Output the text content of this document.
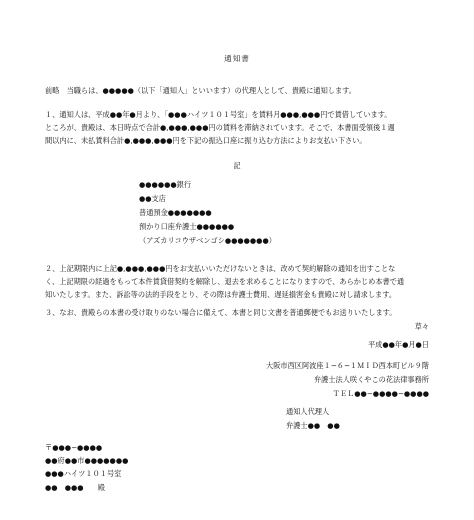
通知書
前略　当職らは、●●●●●（以下「通知人」といいます）の代理人として、貴殿に通知します。
１、通知人は、平成●●年●月より、「●●●ハイツ１０１号室」を賃料月●●●,●●●円で賃借しています。
ところが、貴殿は、本日時点で合計●,●●●,●●●円の賃料を滞納されています。そこで、本書面受領後１週
間以内に、未払賃料合計●,●●●,●●●円を下記の振込口座に振り込む方法によりお支払い下さい。
記
●●●●●●銀行
●●支店
普通預金●●●●●●●
預かり口座弁護士●●●●●●
（アズカリコウザベンゴシ●●●●●●●）
２、上記期限内に上記●,●●●,●●●円をお支払いいただけないときは、改めて契約解除の通知を出すことな
く、上記期限の経過をもって本件賃貸借契約を解除し、退去を求めることになりますので、あらかじめ本書で通
知いたします。また、訴訟等の法的手段をとり、その際は弁護士費用、遅延損害金も貴殿に対し請求します。
３、なお、貴殿らの本書の受け取りのない場合に備えて、本書と同じ文書を普通郵便でもお送りいたします。
草々
平成●●年●月●日
大阪市西区阿波座１−６−１ＭＩＤ西本町ビル９階
弁護士法人咲くやこの花法律事務所
ＴＥＬ●●−●●●●−●●●●
通知人代理人
弁護士●●　●●
〒●●●−●●●●
●●府●●市●●●●●●●
●●●ハイツ１０１号室
●●　●●●　　殿
